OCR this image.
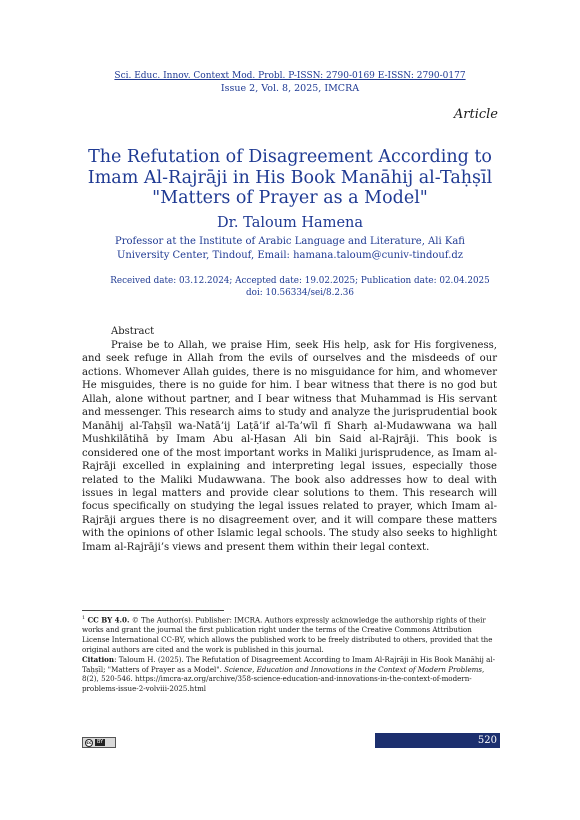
Sci. Educ. Innov. Context Mod. Probl. P-ISSN: 2790-0169 E-ISSN: 2790-0177
Issue 2, Vol. 8, 2025, IMCRA
Article
The Refutation of Disagreement According to
Imam Al-Rajrāji in His Book Manāhij al-Taḥṣīl
"Matters of Prayer as a Model"
Dr. Taloum Hamena
Professor at the Institute of Arabic Language and Literature, Ali Kafi University Center, Tindouf, Email: hamana.taloum@cuniv-tindouf.dz
Received date: 03.12.2024; Accepted date: 19.02.2025; Publication date: 02.04.2025
doi: 10.56334/sei/8.2.36
Abstract

Praise be to Allah, we praise Him, seek His help, ask for His forgiveness, and seek refuge in Allah from the evils of ourselves and the misdeeds of our actions. Whomever Allah guides, there is no misguidance for him, and whomever He misguides, there is no guide for him. I bear witness that there is no god but Allah, alone without partner, and I bear witness that Muhammad is His servant and messenger. This research aims to study and analyze the jurisprudential book Manāhij al-Taḥṣīl wa-Natā’ij Laṭā’if al-Ta’wīl fī Sharḥ al-Mudawwana wa ḥall Mushkilātihā by Imam Abu al-Ḥasan Ali bin Said al-Rajrāji. This book is considered one of the most important works in Maliki jurisprudence, as Imam al-Rajrāji excelled in explaining and interpreting legal issues, especially those related to the Maliki Mudawwana. The book also addresses how to deal with issues in legal matters and provide clear solutions to them. This research will focus specifically on studying the legal issues related to prayer, which Imam al-Rajrāji argues there is no disagreement over, and it will compare these matters with the opinions of other Islamic legal schools. The study also seeks to highlight Imam al-Rajrāji’s views and present them within their legal context.

$^1$ CC BY 4.0. © The Author(s). Publisher: IMCRA. Authors expressly acknowledge the authorship rights of their works and grant the journal the first publication right under the terms of the Creative Commons Attribution License International CC-BY, which allows the published work to be freely distributed to others, provided that the original authors are cited and the work is published in this journal.

Citation: Taloum H. (2025). The Refutation of Disagreement According to Imam Al-Rajrāji in His Book Manāhij al-Taḥṣīl; "Matters of Prayer as a Model". Science, Education and Innovations in the Context of Modern Problems, 8(2), 520-546. https://imcra-az.org/archive/358-science-education-and-innovations-in-the-context-of-modern-problems-issue-2-volviii-2025.html

cc	BY	520
